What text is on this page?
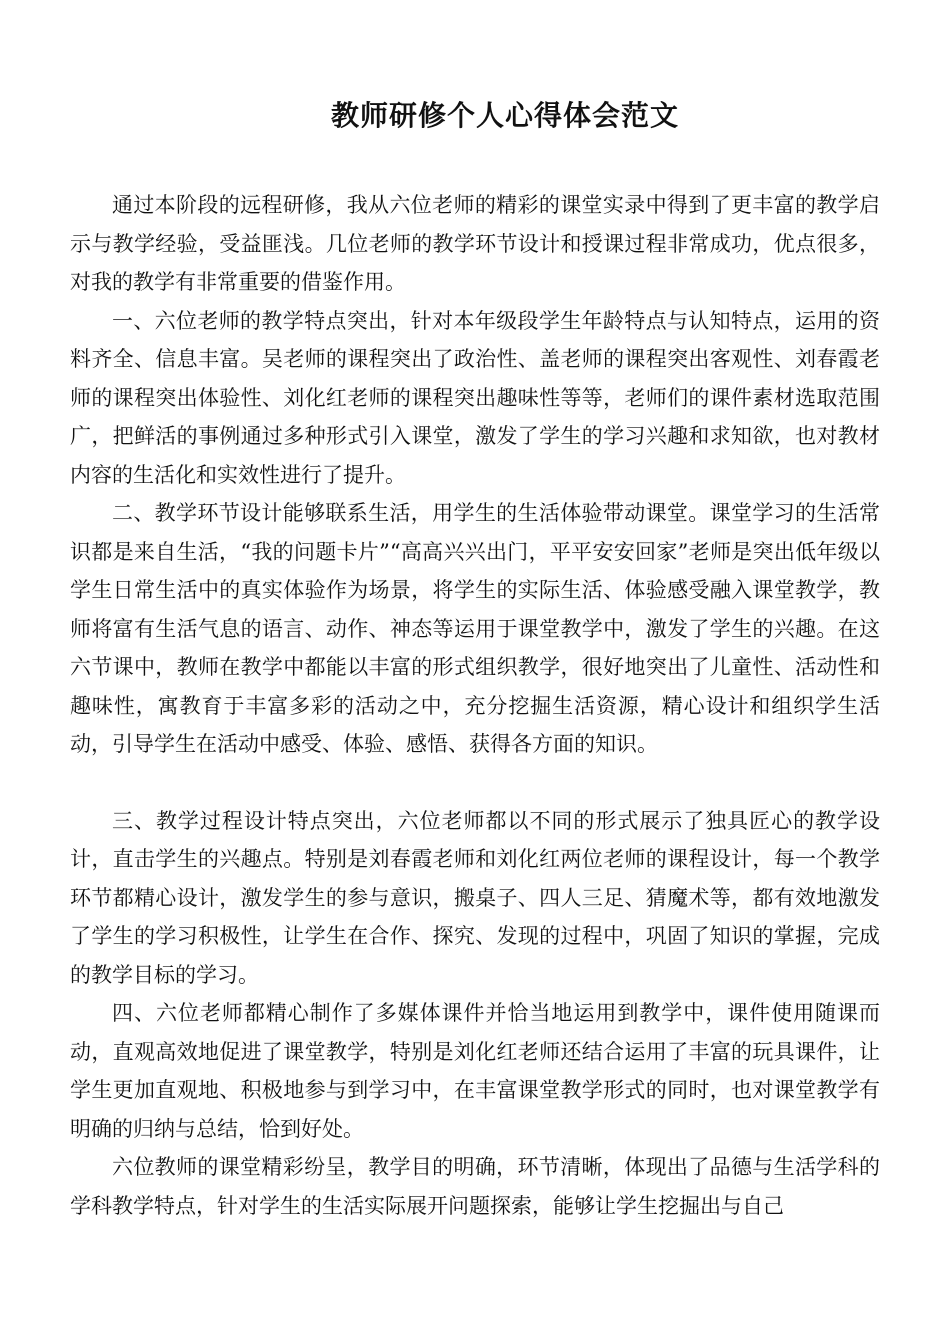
教师研修个人心得体会范文

通过本阶段的远程研修，我从六位老师的精彩的课堂实录中得到了更丰富的教学启示与教学经验，受益匪浅。几位老师的教学环节设计和授课过程非常成功，优点很多，对我的教学有非常重要的借鉴作用。

一、六位老师的教学特点突出，针对本年级段学生年龄特点与认知特点，运用的资料齐全、信息丰富。吴老师的课程突出了政治性、盖老师的课程突出客观性、刘春霞老师的课程突出体验性、刘化红老师的课程突出趣味性等等，老师们的课件素材选取范围广，把鲜活的事例通过多种形式引入课堂，激发了学生的学习兴趣和求知欲，也对教材内容的生活化和实效性进行了提升。

二、教学环节设计能够联系生活，用学生的生活体验带动课堂。课堂学习的生活常识都是来自生活，“我的问题卡片”“高高兴兴出门，平平安安回家”老师是突出低年级以学生日常生活中的真实体验作为场景，将学生的实际生活、体验感受融入课堂教学，教师将富有生活气息的语言、动作、神态等运用于课堂教学中，激发了学生的兴趣。在这六节课中，教师在教学中都能以丰富的形式组织教学，很好地突出了儿童性、活动性和趣味性，寓教育于丰富多彩的活动之中，充分挖掘生活资源，精心设计和组织学生活动，引导学生在活动中感受、体验、感悟、获得各方面的知识。

三、教学过程设计特点突出，六位老师都以不同的形式展示了独具匠心的教学设计，直击学生的兴趣点。特别是刘春霞老师和刘化红两位老师的课程设计，每一个教学环节都精心设计，激发学生的参与意识，搬桌子、四人三足、猜魔术等，都有效地激发了学生的学习积极性，让学生在合作、探究、发现的过程中，巩固了知识的掌握，完成的教学目标的学习。

四、六位老师都精心制作了多媒体课件并恰当地运用到教学中，课件使用随课而动，直观高效地促进了课堂教学，特别是刘化红老师还结合运用了丰富的玩具课件，让学生更加直观地、积极地参与到学习中，在丰富课堂教学形式的同时，也对课堂教学有明确的归纳与总结，恰到好处。

六位教师的课堂精彩纷呈，教学目的明确，环节清晰，体现出了品德与生活学科的学科教学特点，针对学生的生活实际展开问题探索，能够让学生挖掘出与自己
